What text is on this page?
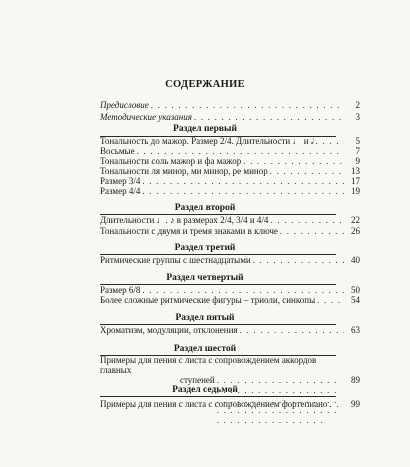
СОДЕРЖАНИЕ
Предисловие . . .	2
Методические указания . . .	3
Раздел первый
Тональность до мажор. Размер 2/4. Длительности ♩ и 𝅗𝅥 . . .	5
Восьмые . . .	7
Тональности соль мажор и фа мажор . . .	9
Тональности ля минор, ми минор, ре минор . . .	13
Размер 3/4 . . .	17
Размер 4/4 . . .	19
Раздел второй
Длительности ♩. ♪ в размерах 2/4, 3/4 и 4/4 . . .	22
Тональности с двумя и тремя знаками в ключе . . .	26
Раздел третий
Ритмические группы с шестнадцатыми . . .	40
Раздел четвертый
Размер 6/8 . . .	50
Более сложные ритмические фигуры – триоли, синкопы . . .	54
Раздел пятый
Хроматизм, модуляции, отклонения . . .	63
Раздел шестой
Примеры для пения с листа с сопровождением аккордов главных
ступеней . . .	89
Раздел седьмой
Примеры для пения с листа с сопровождением фортепиано . . .	99
